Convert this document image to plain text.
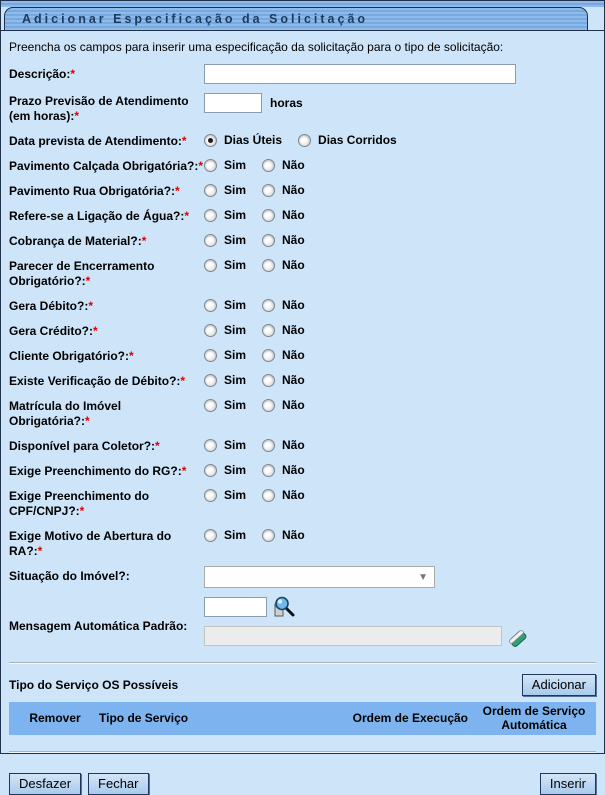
Adicionar Especificação da Solicitação
Preencha os campos para inserir uma especificação da solicitação para o tipo de solicitação:
Descrição:*
Prazo Previsão de Atendimento (em horas):*
horas
Data prevista de Atendimento:*	Dias Úteis	Dias Corridos
Pavimento Calçada Obrigatória?:* Sim	Não
Pavimento Rua Obrigatória?:*	Sim	Não
Refere-se a Ligação de Água?:*	Sim	Não
Cobrança de Material?:*	Sim	Não
Parecer de Encerramento Obrigatório?:*
Sim	Não
Gera Débito?:*	Sim	Não
Gera Crédito?:*	Sim	Não
Cliente Obrigatório?:*	Sim	Não
Existe Verificação de Débito?:*	Sim	Não
Matrícula do Imóvel Obrigatória?:*
Sim	Não
Disponível para Coletor?:*	Sim	Não
Exige Preenchimento do RG?:*	Sim	Não
Exige Preenchimento do CPF/CNPJ?:*
Sim	Não
Exige Motivo de Abertura do RA?:*
Sim	Não
Situação do Imóvel?:	▼
Mensagem Automática Padrão:
Tipo do Serviço OS Possíveis	Adicionar
Remover	Tipo de Serviço	Ordem de Execução	Ordem de Serviço Automática
Desfazer	Fechar	Inserir
